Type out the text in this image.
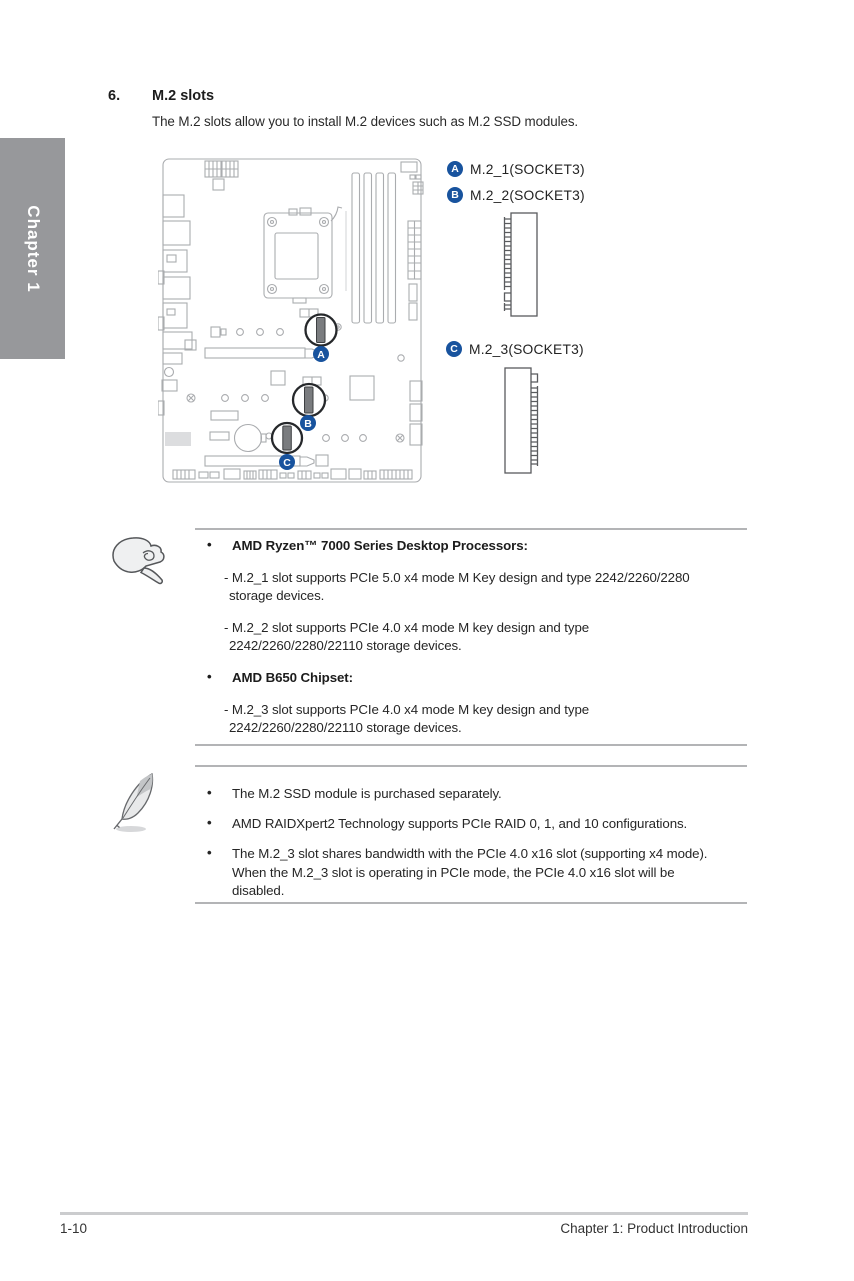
Chapter 1
6. M.2 slots
The M.2 slots allow you to install M.2 devices such as M.2 SSD modules.
A
B
C
A M.2_1(SOCKET3)
B M.2_2(SOCKET3)
C M.2_3(SOCKET3)
• AMD Ryzen™ 7000 Series Desktop Processors:
- M.2_1 slot supports PCIe 5.0 x4 mode M Key design and type 2242/2260/2280
storage devices.
- M.2_2 slot supports PCIe 4.0 x4 mode M key design and type
2242/2260/2280/22110 storage devices.
• AMD B650 Chipset:
- M.2_3 slot supports PCIe 4.0 x4 mode M key design and type
2242/2260/2280/22110 storage devices.
• The M.2 SSD module is purchased separately.
• AMD RAIDXpert2 Technology supports PCIe RAID 0, 1, and 10 configurations.
• The M.2_3 slot shares bandwidth with the PCIe 4.0 x16 slot (supporting x4 mode).
When the M.2_3 slot is operating in PCIe mode, the PCIe 4.0 x16 slot will be
disabled.
1-10	Chapter 1: Product Introduction
